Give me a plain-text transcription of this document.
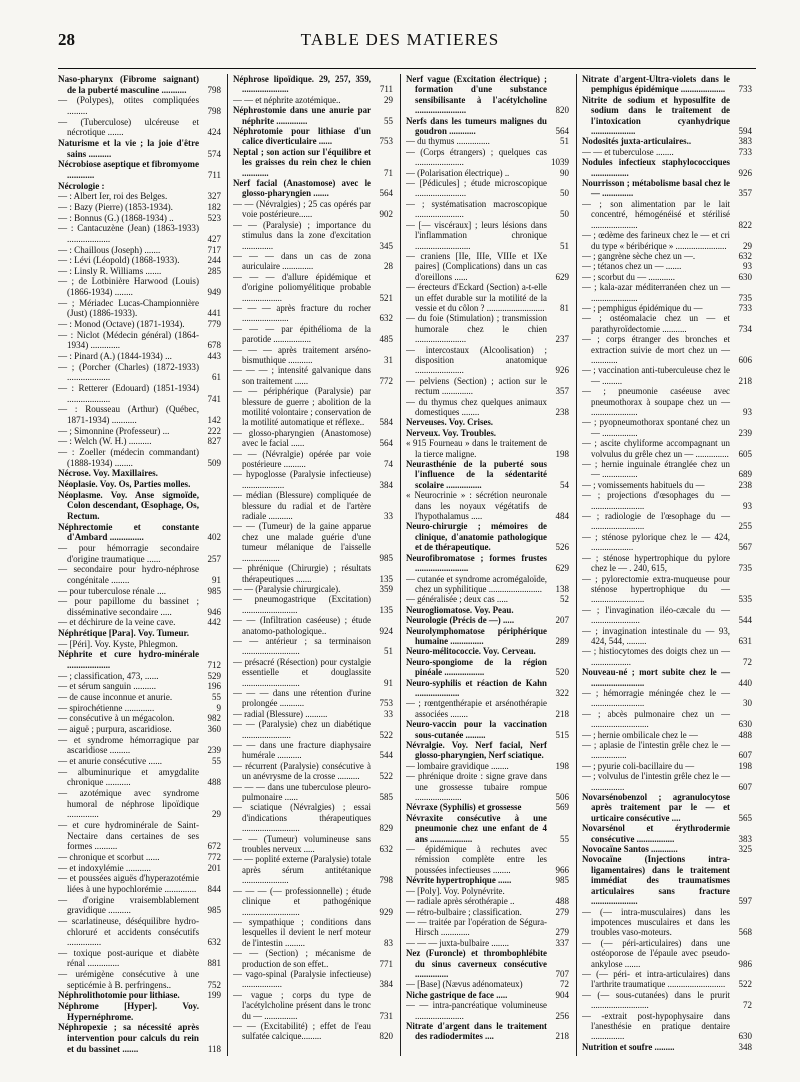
28	TABLE DES MATIERES

Naso-pharynx (Fibrome saignant) de la puberté masculine ........... 798

— (Polypes), otites compliquées .........	798

— (Tuberculose) ulcéreuse et nécrotique .......	424

Naturisme et la vie ; la joie d'être sains ..........	574

Nécrobiose aseptique et fibromyome ............	711

Nécrologie :

— : Albert Ier, roi des Belges.	327

— : Bazy (Pierre) (1853-1934).	182

— : Bonnus (G.) (1868-1934) ..	523

— : Cantacuzène (Jean) (1863-1933) ...................	427

— : Chaillous (Joseph) .......	717

— : Lévi (Léopold) (1868-1933).	244

— : Linsly R. Williams .......	285

— ; de Lotbinière Harwood (Louis) (1866-1934) ........	949

— ; Mériadec Lucas-Championnière (Just) (1886-1933).	441

— : Monod (Octave) (1871-1934).	779

— : Niclot (Médecin général) (1864-1934) .............	678

— : Pinard (A.) (1844-1934) ...	443

— ; (Porcher (Charles) (1872-1933) ...................	61

— : Retterer (Edouard) (1851-1934) ...................	741

— : Rousseau (Arthur) (Québec, 1871-1934) ...........	142

— ; Simonnine (Professeur) ...	222

— : Welch (W. H.) ..........	827

— : Zoeller (médecin commandant) (1888-1934) ........	509

Nécrose. Voy. Maxillaires.

Néoplasie. Voy. Os, Parties molles.

Néoplasme. Voy. Anse sigmoïde, Colon descendant, Œsophage, Os, Rectum.

Néphrectomie et constante d'Ambard ...............	402

— pour hémorragie secondaire d'origine traumatique ......	257

— secondaire pour hydro-néphrose congénitale ........	91

— pour tuberculose rénale ....	985

— pour papillome du bassinet ; disséminative secondaire .....	946

— et déchirure de la veine cave.	442

Néphrétique [Para]. Voy. Tumeur.

— [Péri]. Voy. Kyste, Phlegmon.

Néphrite et cure hydro-minérale ...................	712

— ; classification, 473, ......	529

— et sérum sanguin ..........	196

— de cause inconnue et anurie.	55

— spirochétienne .............	9

— consécutive à un mégacolon.	982

— aiguë ; purpura, ascaridiose.	360

— et syndrome hémorragique par ascaridiose .........	239

— et anurie consécutive ......	55

— albuminurique et amygdalite chronique ...........	488

— azotémique avec syndrome humoral de néphrose lipoïdique ..............	29

— et cure hydrominérale de Saint-Nectaire dans certaines de ses formes ..........	672

— chronique et scorbut ......	772

— et indoxylémie ...........	201

— et poussées aiguës d'hyperazotémie liées à une hypochlorémie .............. 844

— d'origine vraisemblablement gravidique ..........	985

— scarlatineuse, déséquilibre hydro-chloruré et accidents consécutifs ...............	632

— toxique post-aurique et diabète rénal ..............	881

— urémigène consécutive à une septicémie à B. perfringens..	752

Néphrolithotomie pour lithiase.	199

Néphrome [Hyper]. Voy. Hypernéphrome.

Néphropexie ; sa nécessité après intervention pour calculs du rein et du bassinet .......	118

Néphrose lipoïdique. 29, 257, 359, .....................	711

— — et néphrite azotémique..	29

Néphrostomie dans une anurie par néphrite ..............	55

Néphrotomie pour lithiase d'un calice diverticulaire ......	753

Neptal ; son action sur l'équilibre et les graisses du rein chez le chien ............	71

Nerf facial (Anastomose) avec le glosso-pharyngien .......	564

— — (Névralgies) ; 25 cas opérés par voie postérieure......	902

— — (Paralysie) ; importance du stimulus dans la zone d'excitation ..............	345

— — — dans un cas de zona auriculaire ..............	28

— — — d'allure épidémique et d'origine poliomyélitique probable ..................	521

— — — après fracture du rocher .....................	632

— — — par épithélioma de la parotide .................	485

— — — après traitement arséno-bismuthique ...........	31

— — — ; intensité galvanique dans son traitement ......	772

— — périphérique (Paralysie) par blessure de guerre ; abolition de la motilité volontaire ; conservation de la motilité automatique et réflexe.. 584

— glosso-pharyngien (Anastomose) avec le facial ......	564

— — (Névralgie) opérée par voie postérieure ..........	74

— hypoglosse (Paralysie infectieuse) ...................	384

— médian (Blessure) compliquée de blessure du radial et de l'artère radiale ...........	33

— — (Tumeur) de la gaine apparue chez une malade guérie d'une tumeur mélanique de l'aisselle .................	985

— phrénique (Chirurgie) ; résultats thérapeutiques .......	135

— — (Paralysie chirurgicale).	359

— pneumogastrique (Excitation) .........................	135

— — (Infiltration caséeuse) ; étude anatomo-pathologique..	924

— — antérieur ; sa terminaison ..........................	51

— présacré (Résection) pour cystalgie essentielle et douglassite ..........................	91

— — — dans une rétention d'urine prolongée ...........	753

— radial (Blessure) ..........	33

— — (Paralysie) chez un diabétique ......................	522

— — dans une fracture diaphysaire humérale ...........	544

— récurrent (Paralysie) consécutive à un anévrysme de la crosse .......... 522

— — — dans une tuberculose pleuro-pulmonaire ......	585

— sciatique (Névralgies) ; essai d'indications thérapeutiques ..........................	829

— — (Tumeur) volumineuse sans troubles nerveux .....	632

— — poplité externe (Paralysie) totale après sérum antitétanique .....................	798

— — — (— professionnelle) ; étude clinique et pathogénique ..........................	929

— sympathique ; conditions dans lesquelles il devient le nerf moteur de l'intestin .........	83

— — (Section) ; mécanisme de production de son effet..	771

— vago-spinal (Paralysie infectieuse) ..................	384

— vague ; corps du type de l'acétylcholine présent dans le tronc du — ...............	731

— — (Excitabilité) ; effet de l'eau sulfatée calcique.........	820

Nerf vague (Excitation électrique) ; formation d'une substance sensibilisante à l'acétylcholine .......................	820

Nerfs dans les tumeurs malignes du goudron ............	564

— du thymus ...............	51

— (Corps étrangers) ; quelques cas ......................	1039

— (Polarisation électrique) ..	90

— [Pédicules] ; étude microscopique .......................	50

— ; systématisation macroscopique ......................	50

— [— viscéraux] ; leurs lésions dans l'inflammation chronique .........................	51

— craniens [IIe, IIIe, VIIIe et IXe paires] (Complications) dans un cas d'oreillons ......	629

— érecteurs d'Eckard (Section) a-t-elle un effet durable sur la motilité de la vessie et du côlon ? .......................... 81

— du foie (Stimulation) ; transmission humorale chez le chien .......................	237

— intercostaux (Alcoolisation) ; disposition anatomique ......................	926

— pelviens (Section) ; action sur le rectum ..............	357

— du thymus chez quelques animaux domestiques ........	238

Nerveuses. Voy. Crises.

Nerveux. Voy. Troubles.

« 915 Fourneau » dans le traitement de la tierce maligne.	198

Neurasthénie de la puberté sous l'influence de la sédentarité scolaire ................	54

« Neurocrinie » : sécrétion neuronale dans les noyaux végétatifs de l'hypothalamus .....	484

Neuro-chirurgie ; mémoires de clinique, d'anatomie pathologique et de thérapeutique.	526

Neurofibromatose ; formes frustes ........................	629

— cutanée et syndrome acromégaloïde, chez un syphilitique ........................ 138

— généralisée ; deux cas .....	52

Neurogliomatose. Voy. Peau.

Neurologie (Précis de —) .....	207

Neurolymphomatose périphérique humaine ...............	289

Neuro-mélitococcie. Voy. Cerveau.

Neuro-spongiome de la région pinéale ..................	520

Neuro-syphilis et réaction de Kahn ....................	322

— ; rœntgenthérapie et arsénothérapie associées ........	218

Neuro-vaccin pour la vaccination sous-cutanée .........	515

Névralgie. Voy. Nerf facial, Nerf glosso-pharyngien, Nerf sciatique.

— lombaire gravidique ........	198

— phrénique droite : signe grave dans une grossesse tubaire rompue .....................	506

Névraxe (Syphilis) et grossesse	569

Névraxite consécutive à une pneumonie chez une enfant de 4 ans ...................	55

— épidémique à rechutes avec rémission complète entre les poussées infectieuses ........	966

Névrite hypertrophique ......	985

— [Poly]. Voy. Polynévrite.

— radiale après sérothérapie ..	488

— rétro-bulbaire ; classification.	279

— — traitée par l'opération de Ségura-Hirsch .............	279

— — — juxta-bulbaire ........	337

Nez (Furoncle) et thrombophlébite du sinus caverneux consécutive ...............	707

— [Base] (Nævus adénomateux)	72

Niche gastrique de face .....	904

— — intra-pancréatique volumineuse ......................	256

Nitrate d'argent dans le traitement des radiodermites ....	218

Nitrate d'argent-Ultra-violets dans le pemphigus épidémique .................... 733

Nitrite de sodium et hyposulfite de sodium dans le traitement de l'intoxication cyanhydrique ....................	594

Nodosités juxta-articulaires..	383

— — et tuberculose ........	733

Nodules infectieux staphylococciques .................	926

Nourrisson ; métabolisme basal chez le — ..............	357

— ; son alimentation par le lait concentré, hémogénéisé et stérilisé .....................	822

— ; œdème des farineux chez le — et cri du type « béribérique » ....................... 29

— ; gangrène sèche chez un —.	632

— ; tétanos chez un — .......	93

— ; scorbut du — ............	630

— ; kala-azar méditerranéen chez un — .....................	735

— ; pemphigus épidémique du —	733

— ; ostéomalacie chez un — et parathyroïdectomie ...........	734

— ; corps étranger des bronches et extraction suivie de mort chez un — ............	606

— ; vaccination anti-tuberculeuse chez le — .........	218

— ; pneumonie caséeuse avec pneumothorax à soupape chez un — .....................	93

— ; pyopneumothorax spontané chez un — ................	239

— ; ascite chyliforme accompagnant un volvulus du grêle chez un — ............... 605

— ; hernie inguinale étranglée chez un — ................	689

— ; vomissements habituels du —	238

— ; projections d'œsophages du — ........................	93

— ; radiologie de l'œsophage du — ........................	255

— ; sténose pylorique chez le — 424, ...................	567

— ; sténose hypertrophique du pylore chez le — . 240, 615,	735

— ; pylorectomie extra-muqueuse pour sténose hypertrophique du — ........................	535

— ; l'invagination iléo-cæcale du — ......................	544

— ; invagination intestinale du — 93, 424, 544, .........	631

— ; histiocytomes des doigts chez un — ..................	72

Nouveau-né ; mort subite chez le — ........................	440

— ; hémorragie méningée chez le — ........................	30

— ; abcès pulmonaire chez un — ..........................	630

— ; hernie ombilicale chez le —	488

— ; aplasie de l'intestin grêle chez le — ................	607

— ; pyurie coli-bacillaire du —	198

— ; volvulus de l'intestin grêle chez le — ...............	607

Novarsénobenzol ; agranulocytose après traitement par le — et urticaire consécutive ....	565

Novarsénol et érythrodermie consécutive .................	383

Novocaïne Santos ............	325

Novocaïne (Injections intra-ligamentaires) dans le traitement immédiat des traumatismes articulaires sans fracture .....................	597

— (— intra-musculaires) dans les impotences musculaires et dans les troubles vaso-moteurs.	568

— (— péri-articulaires) dans une ostéoporose de l'épaule avec pseudo-ankylose .......	986

— (— péri- et intra-articulaires) dans l'arthrite traumatique .......................... 522

— (— sous-cutanées) dans le prurit ..........................	72

— -extrait post-hypophysaire dans l'anesthésie en pratique dentaire ...............	630

Nutrition et soufre .........	348
